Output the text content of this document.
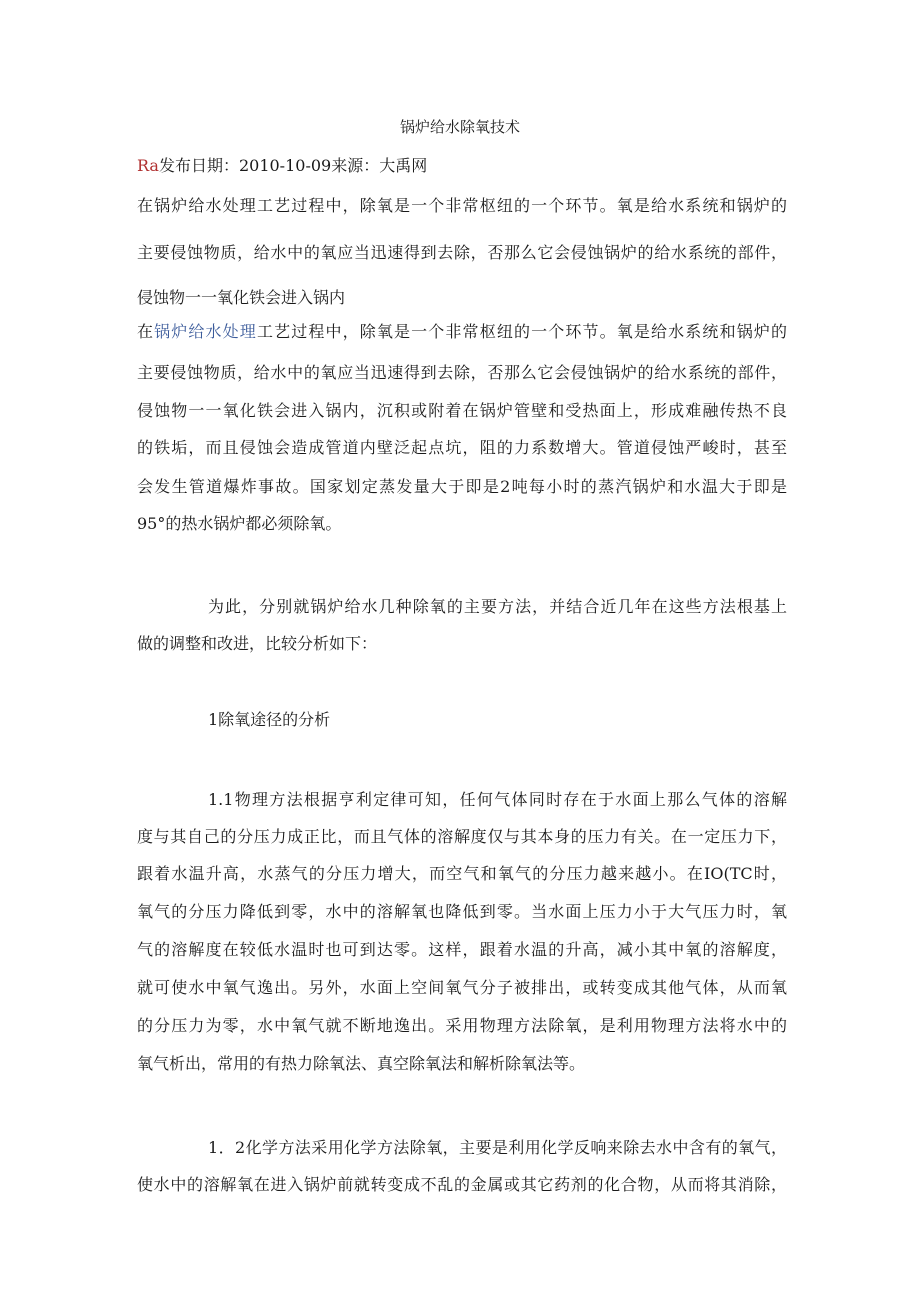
锅炉给水除氧技术
Ra发布日期：2010-10-09来源：大禹网
在锅炉给水处理工艺过程中，除氧是一个非常枢纽的一个环节。氧是给水系统和锅炉的
主要侵蚀物质，给水中的氧应当迅速得到去除，否那么它会侵蚀锅炉的给水系统的部件，
侵蚀物一一氧化铁会进入锅内
在锅炉给水处理工艺过程中，除氧是一个非常枢纽的一个环节。氧是给水系统和锅炉的
主要侵蚀物质，给水中的氧应当迅速得到去除，否那么它会侵蚀锅炉的给水系统的部件，
侵蚀物一一氧化铁会进入锅内，沉积或附着在锅炉管壁和受热面上，形成难融传热不良
的铁垢，而且侵蚀会造成管道内壁泛起点坑，阻的力系数增大。管道侵蚀严峻时，甚至
会发生管道爆炸事故。国家划定蒸发量大于即是2吨每小时的蒸汽锅炉和水温大于即是
95°的热水锅炉都必须除氧。
为此，分别就锅炉给水几种除氧的主要方法，并结合近几年在这些方法根基上
做的调整和改进，比较分析如下：
1除氧途径的分析
1.1物理方法根据亨利定律可知，任何气体同时存在于水面上那么气体的溶解
度与其自己的分压力成正比，而且气体的溶解度仅与其本身的压力有关。在一定压力下，
跟着水温升高，水蒸气的分压力增大，而空气和氧气的分压力越来越小。在IO(TC时，
氧气的分压力降低到零，水中的溶解氧也降低到零。当水面上压力小于大气压力时，氧
气的溶解度在较低水温时也可到达零。这样，跟着水温的升高，减小其中氧的溶解度，
就可使水中氧气逸出。另外，水面上空间氧气分子被排出，或转变成其他气体，从而氧
的分压力为零，水中氧气就不断地逸出。采用物理方法除氧，是利用物理方法将水中的
氧气析出，常用的有热力除氧法、真空除氧法和解析除氧法等。
1．2化学方法采用化学方法除氧，主要是利用化学反响来除去水中含有的氧气，
使水中的溶解氧在进入锅炉前就转变成不乱的金属或其它药剂的化合物，从而将其消除，
